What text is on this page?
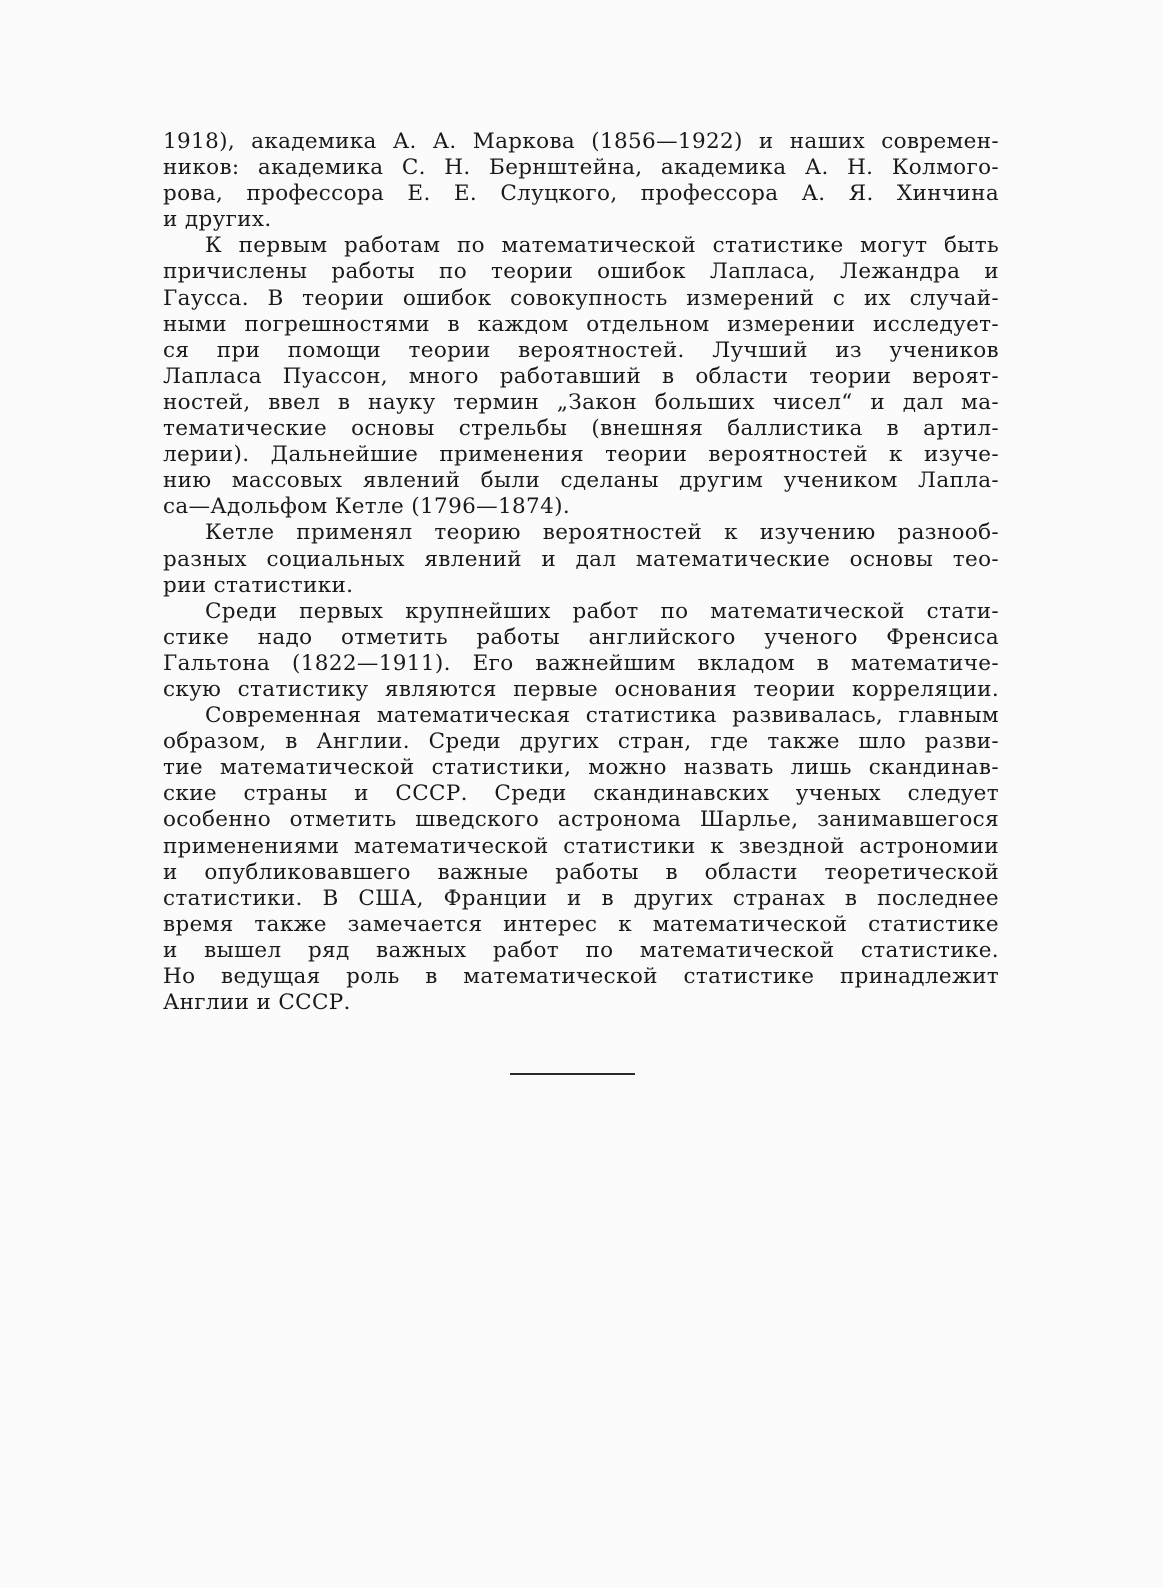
1918), академика А. А. Маркова (1856—1922) и наших современ-
ников: академика С. Н. Бернштейна, академика А. Н. Колмого-
рова, профессора Е. Е. Слуцкого, профессора А. Я. Хинчина
и других.
К первым работам по математической статистике могут быть
причислены работы по теории ошибок Лапласа, Лежандра и
Гаусса. В теории ошибок совокупность измерений с их случай-
ными погрешностями в каждом отдельном измерении исследует-
ся при помощи теории вероятностей. Лучший из учеников
Лапласа Пуассон, много работавший в области теории вероят-
ностей, ввел в науку термин „Закон больших чисел“ и дал ма-
тематические основы стрельбы (внешняя баллистика в артил-
лерии). Дальнейшие применения теории вероятностей к изуче-
нию массовых явлений были сделаны другим учеником Лапла-
са—Адольфом Кетле (1796—1874).
Кетле применял теорию вероятностей к изучению разнооб-
разных социальных явлений и дал математические основы тео-
рии статистики.
Среди первых крупнейших работ по математической стати-
стике надо отметить работы английского ученого Френсиса
Гальтона (1822—1911). Его важнейшим вкладом в математиче-
скую статистику являются первые основания теории корреляции.
Современная математическая статистика развивалась, главным
образом, в Англии. Среди других стран, где также шло разви-
тие математической статистики, можно назвать лишь скандинав-
ские страны и СССР. Среди скандинавских ученых следует
особенно отметить шведского астронома Шарлье, занимавшегося
применениями математической статистики к звездной астрономии
и опубликовавшего важные работы в области теоретической
статистики. В США, Франции и в других странах в последнее
время также замечается интерес к математической статистике
и вышел ряд важных работ по математической статистике.
Но ведущая роль в математической статистике принадлежит
Англии и СССР.
